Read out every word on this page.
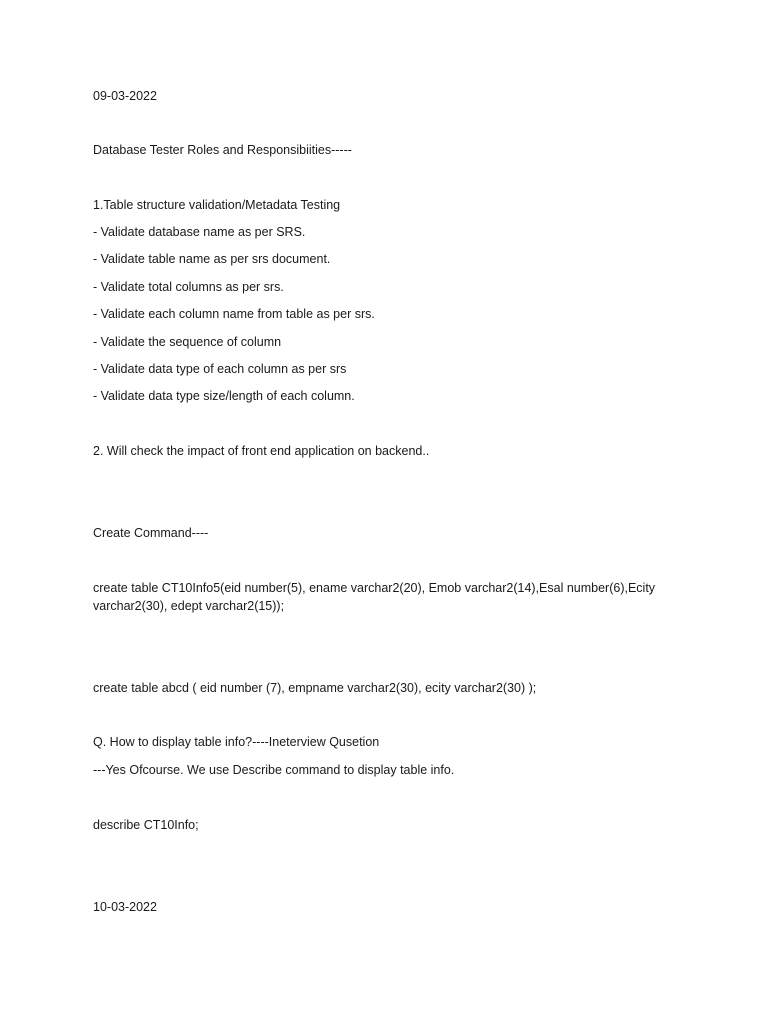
09-03-2022
Database Tester Roles and Responsibiities-----
1.Table structure validation/Metadata Testing
- Validate database name as per SRS.
- Validate table name as per srs document.
- Validate total columns as per srs.
- Validate each column name from table as per srs.
- Validate the sequence of column
- Validate data type of each column as per srs
- Validate data type size/length of each column.
2. Will check the impact of front end application on backend..
Create Command----
create table CT10Info5(eid number(5), ename varchar2(20), Emob varchar2(14),Esal number(6),Ecity varchar2(30), edept varchar2(15));
create table abcd ( eid number (7), empname varchar2(30), ecity varchar2(30) );
Q. How to display table info?----Ineterview Qusetion
---Yes Ofcourse. We use Describe command to display table info.
describe CT10Info;
10-03-2022
